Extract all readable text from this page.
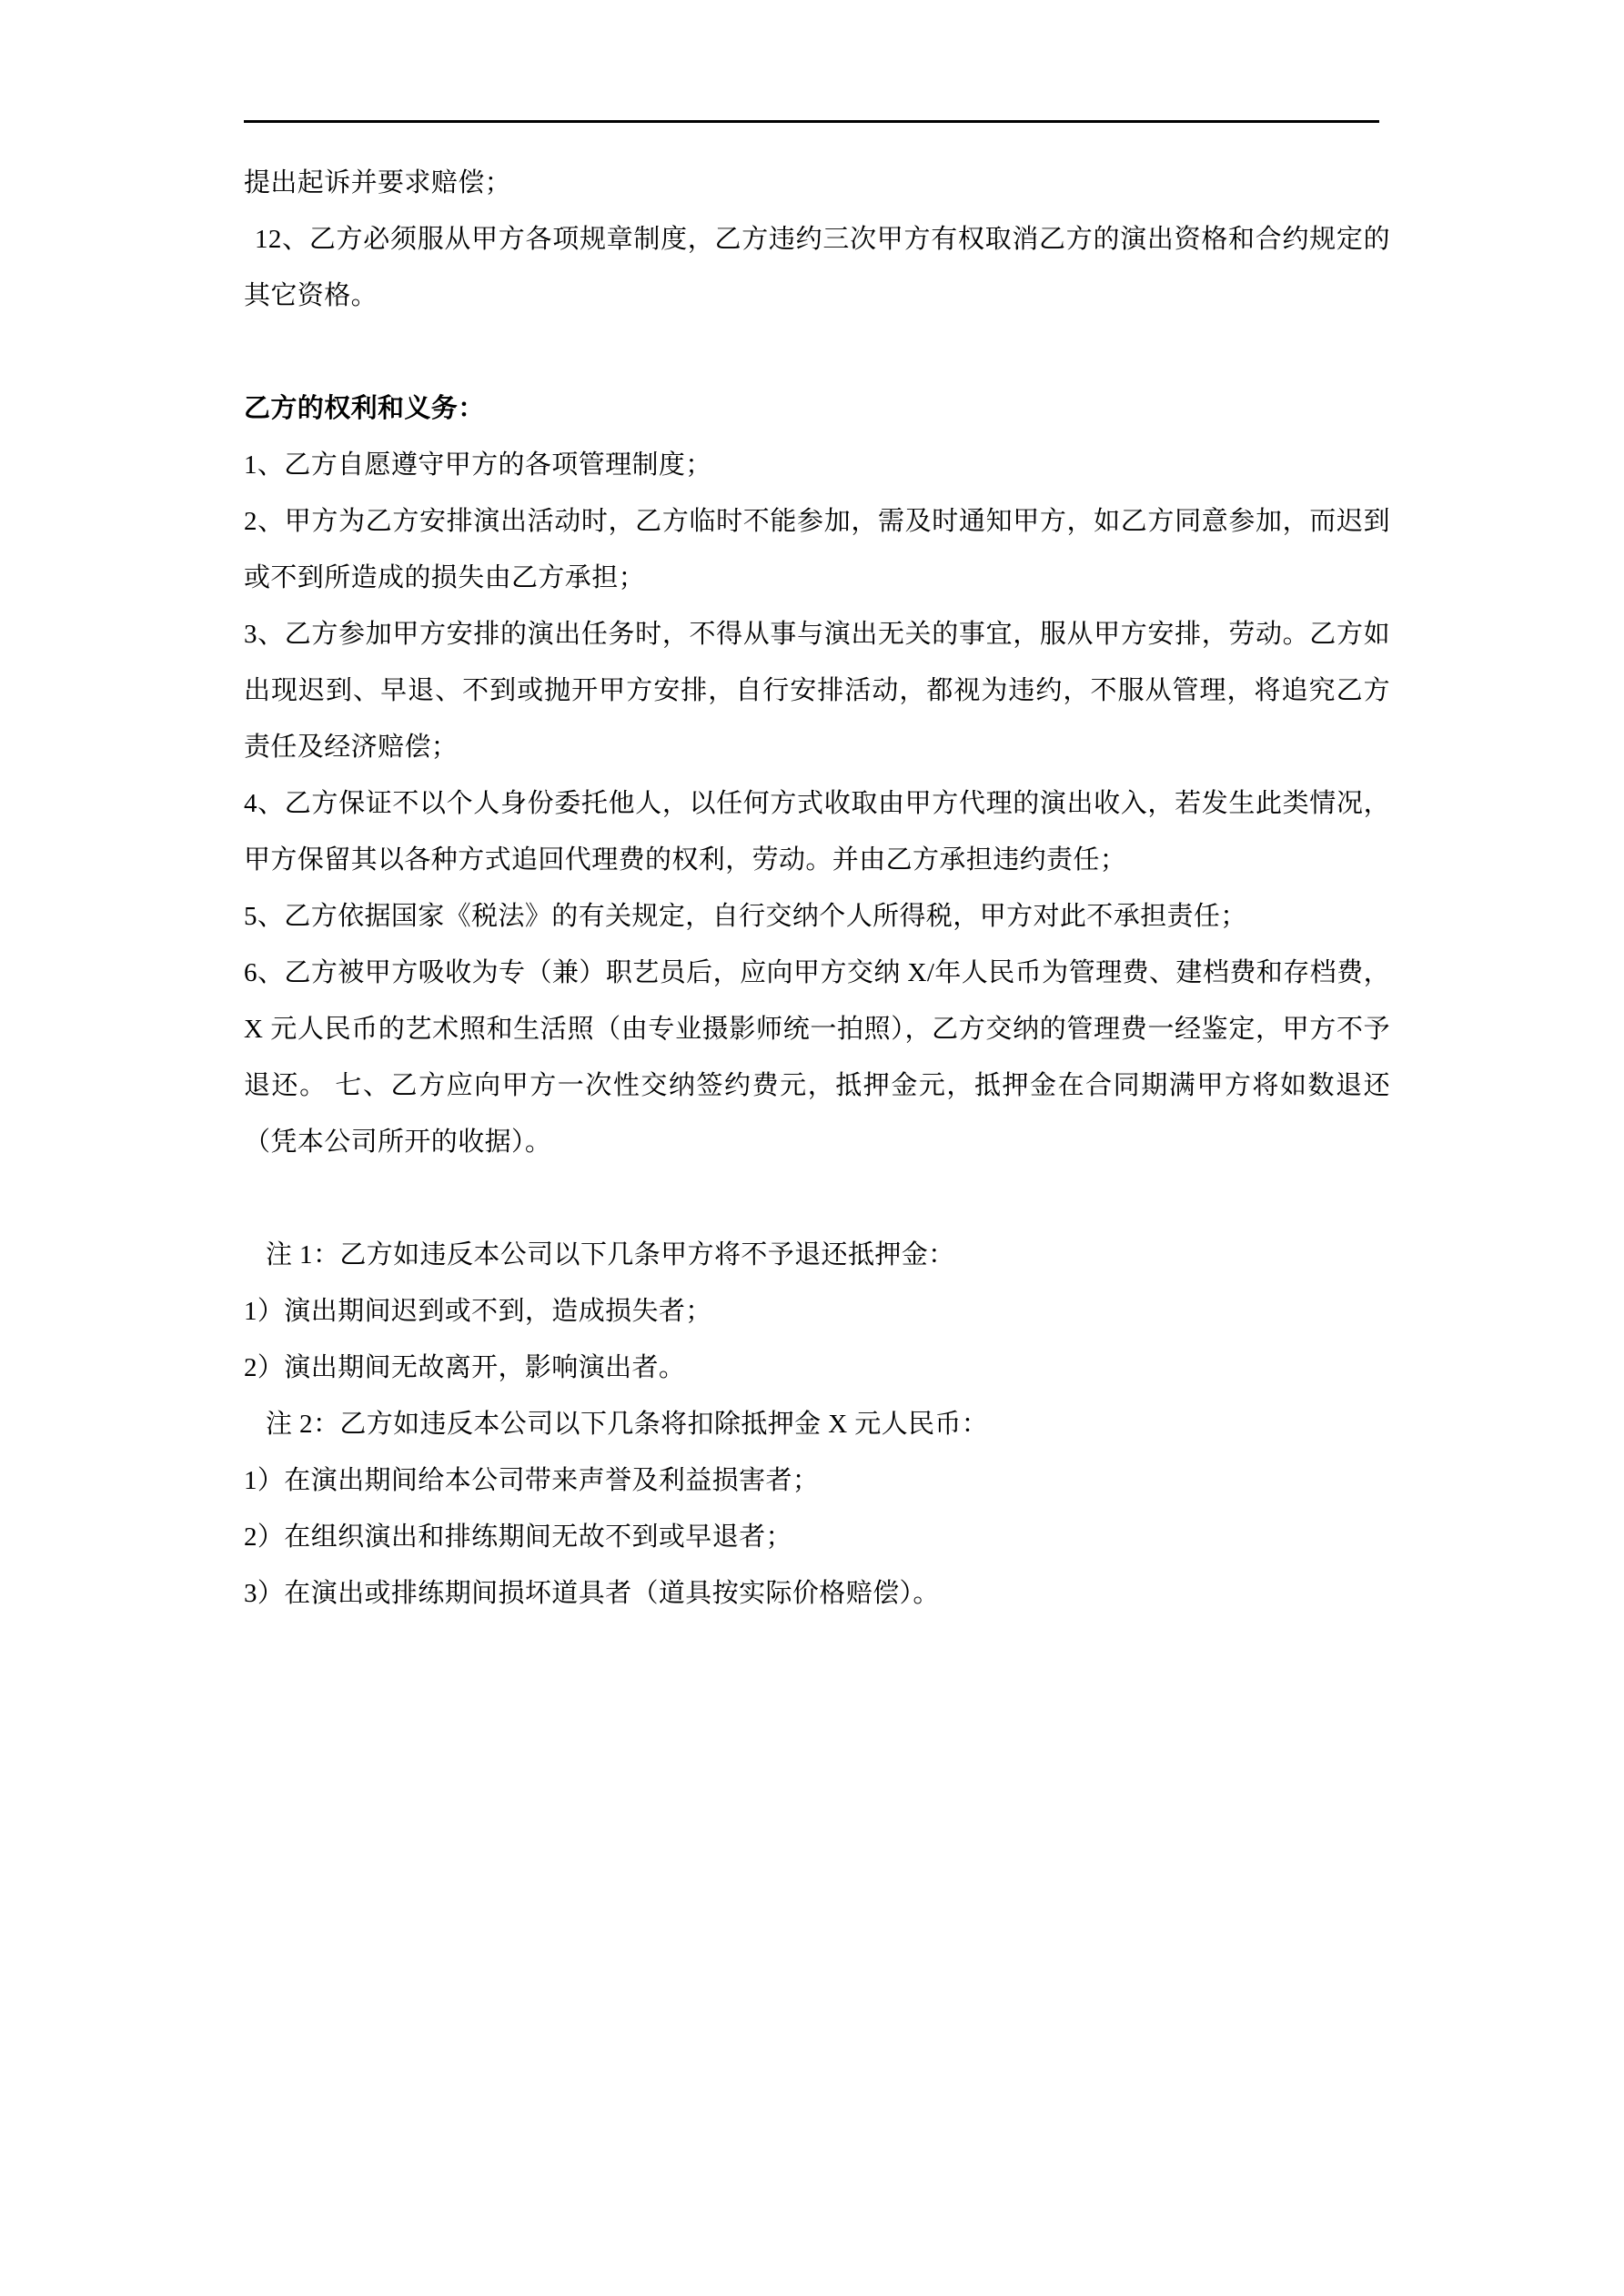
提出起诉并要求赔偿；

12、乙方必须服从甲方各项规章制度，乙方违约三次甲方有权取消乙方的演出资格和合约规定的其它资格。

乙方的权利和义务：

1、乙方自愿遵守甲方的各项管理制度；

2、甲方为乙方安排演出活动时，乙方临时不能参加，需及时通知甲方，如乙方同意参加，而迟到或不到所造成的损失由乙方承担；

3、乙方参加甲方安排的演出任务时，不得从事与演出无关的事宜，服从甲方安排，劳动。乙方如出现迟到、早退、不到或抛开甲方安排，自行安排活动，都视为违约，不服从管理，将追究乙方责任及经济赔偿；

4、乙方保证不以个人身份委托他人，以任何方式收取由甲方代理的演出收入，若发生此类情况，甲方保留其以各种方式追回代理费的权利，劳动。并由乙方承担违约责任；

5、乙方依据国家《税法》的有关规定，自行交纳个人所得税，甲方对此不承担责任；

6、乙方被甲方吸收为专（兼）职艺员后，应向甲方交纳 X/年人民币为管理费、建档费和存档费，X 元人民币的艺术照和生活照（由专业摄影师统一拍照），乙方交纳的管理费一经鉴定，甲方不予退还。 七、乙方应向甲方一次性交纳签约费元，抵押金元，抵押金在合同期满甲方将如数退还（凭本公司所开的收据）。

注 1：乙方如违反本公司以下几条甲方将不予退还抵押金：

1）演出期间迟到或不到，造成损失者；

2）演出期间无故离开，影响演出者。

注 2：乙方如违反本公司以下几条将扣除抵押金 X 元人民币：

1）在演出期间给本公司带来声誉及利益损害者；

2）在组织演出和排练期间无故不到或早退者；

3）在演出或排练期间损坏道具者（道具按实际价格赔偿）。
